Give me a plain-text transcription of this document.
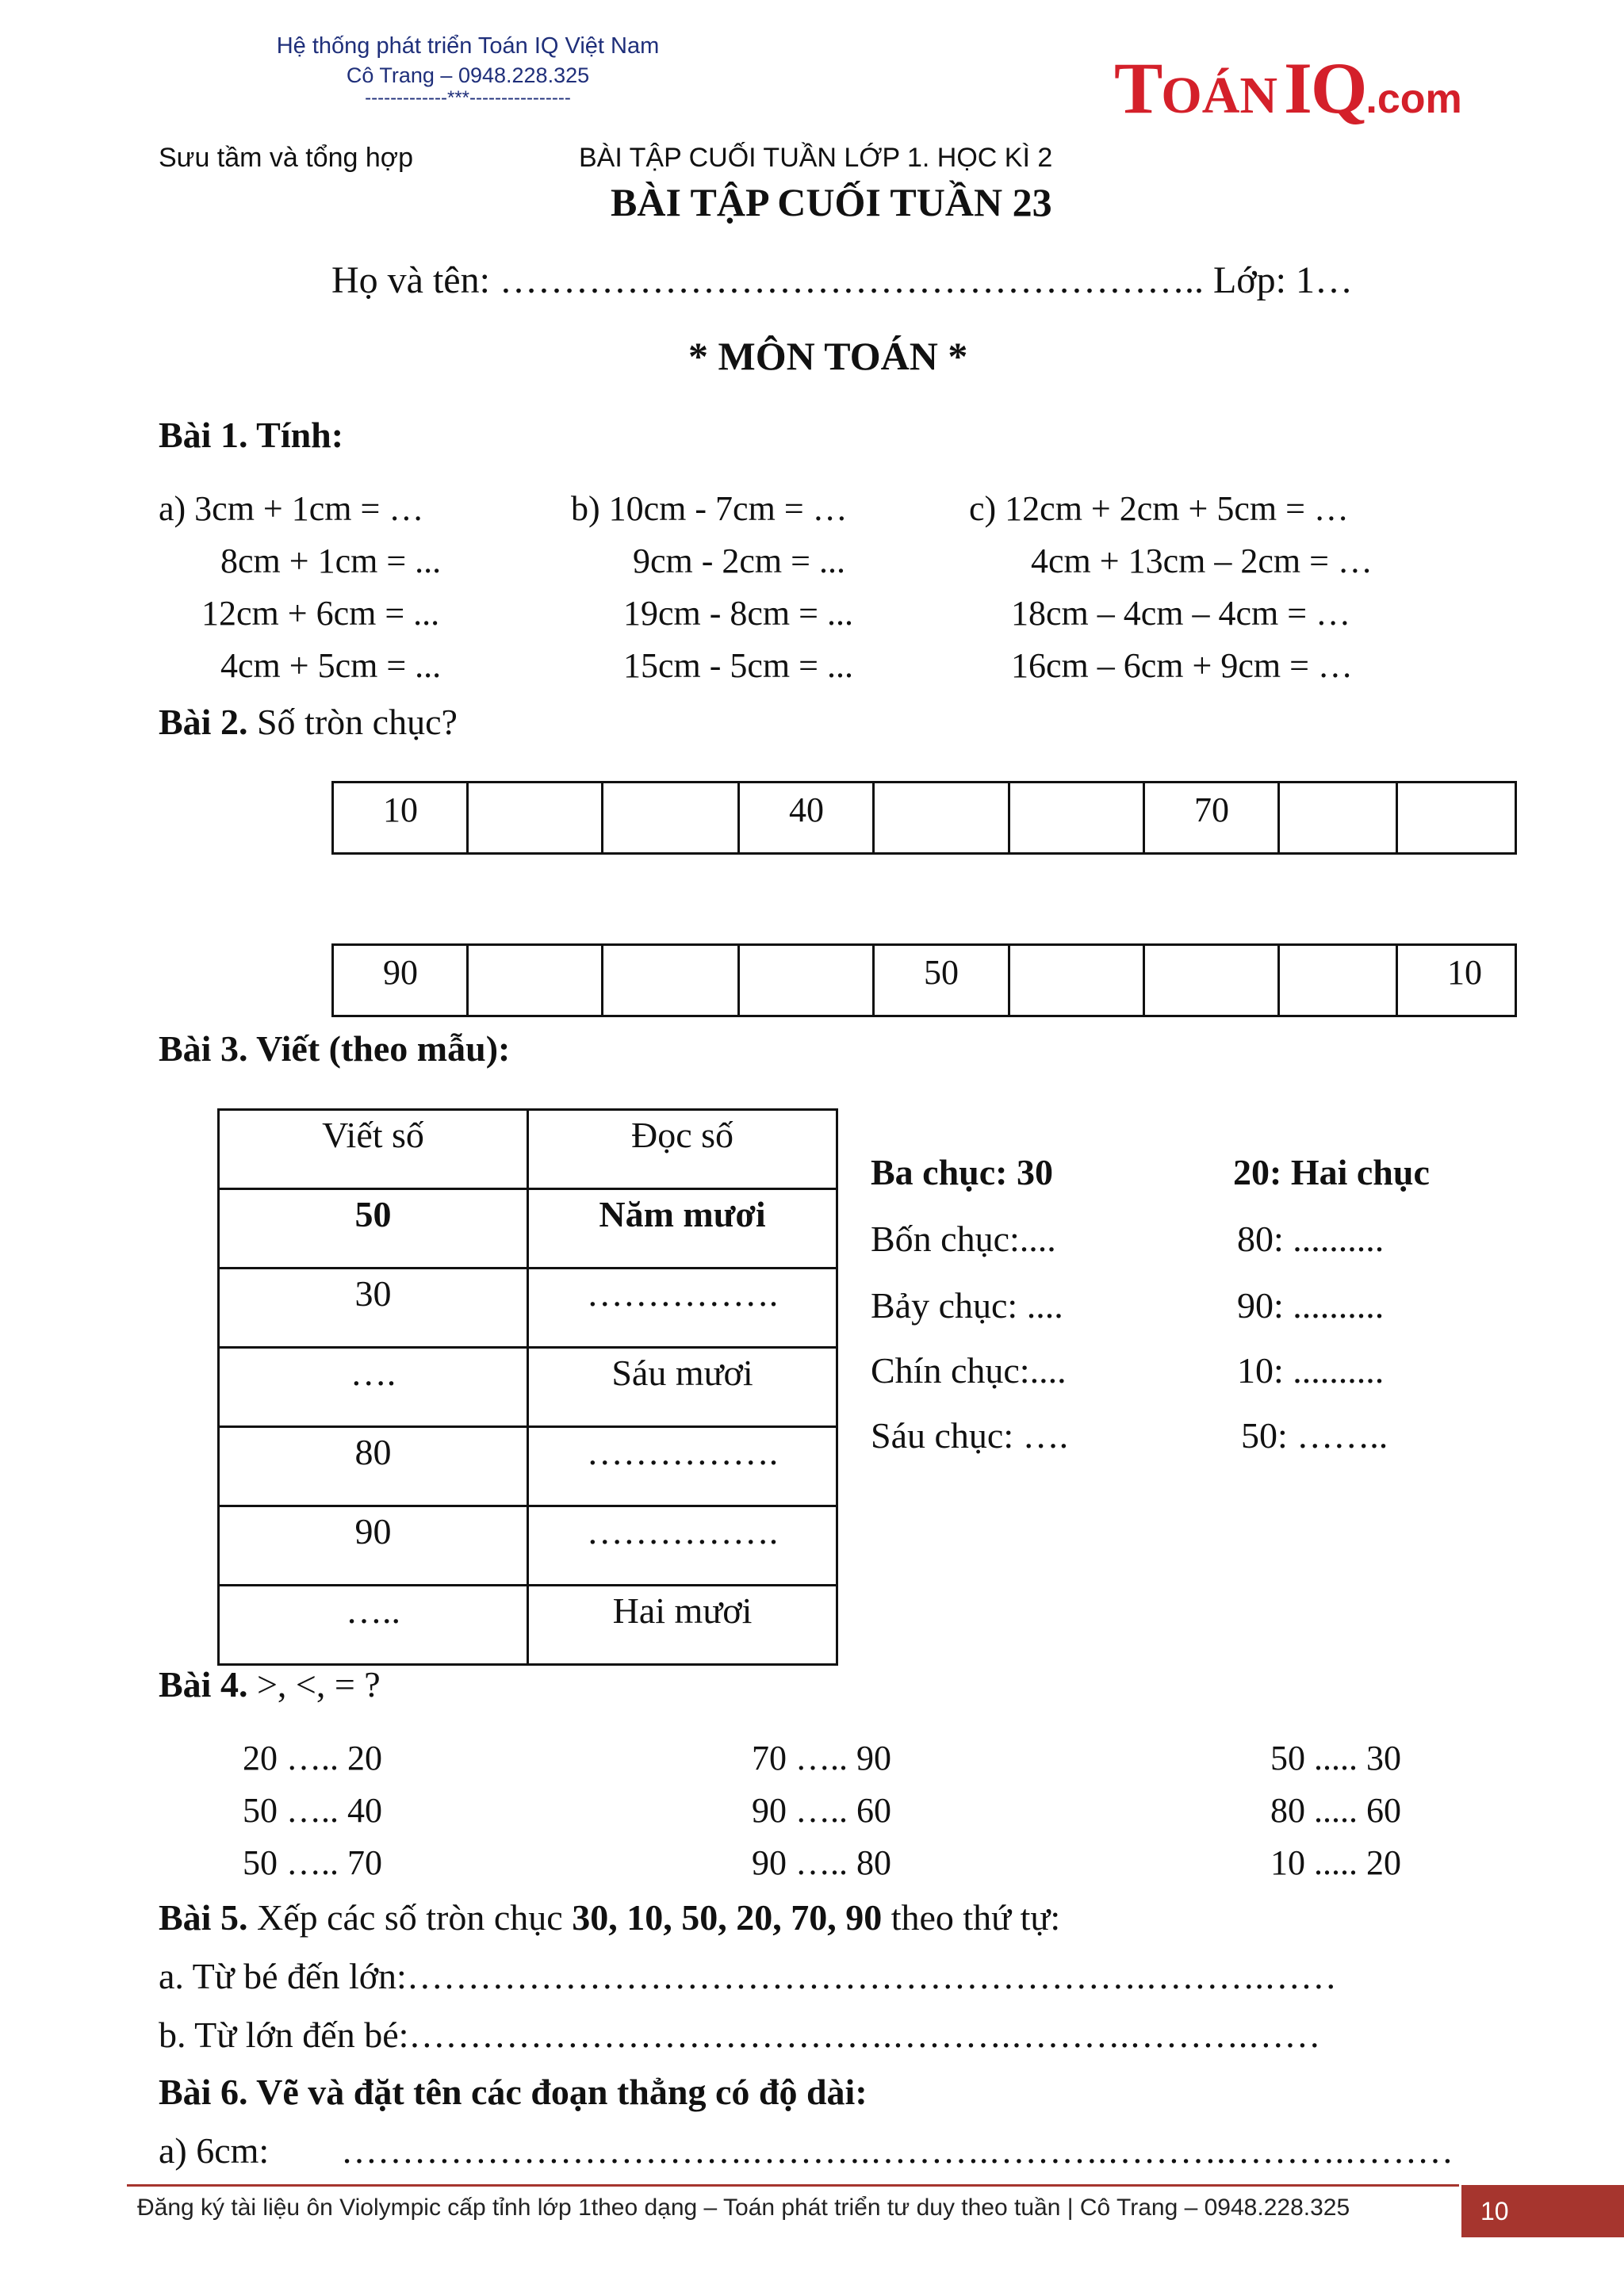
Hệ thống phát triển Toán IQ Việt Nam
Cô Trang – 0948.228.325
-------------***----------------	TOÁNIQ.com
Sưu tầm và tổng hợp	BÀI TẬP CUỐI TUẦN LỚP 1. HỌC KÌ 2
BÀI TẬP CUỐI TUẦN 23
Họ và tên: ……………………………………………….. Lớp: 1…
* MÔN TOÁN *
Bài 1. Tính:
a) 3cm + 1cm = …
8cm + 1cm = ...
12cm + 6cm = ...
4cm + 5cm = ...
b) 10cm - 7cm = …
9cm - 2cm = ...
19cm - 8cm = ...
15cm - 5cm = ...
c) 12cm + 2cm + 5cm = …
4cm + 13cm – 2cm = …
18cm – 4cm – 4cm = …
16cm – 6cm + 9cm = …
Bài 2. Số tròn chục?
10			40			70		
90				50				10
Bài 3. Viết (theo mẫu):
Viết số	Đọc số
50	Năm mươi
30	…………….
….	Sáu mươi
80	…………….
90	…………….
…..	Hai mươi
Ba chục: 30
Bốn chục:....
Bảy chục: ....
Chín chục:....
Sáu chục: ….
20: Hai chục
80: ..........
90: ..........
10: ..........
50: ……..
Bài 4. >, <, = ?
20 ….. 20
50 ….. 40
50 ….. 70
70 ….. 90
90 ….. 60
90 ….. 80
50 ..... 30
80 ..... 60
10 ..... 20
Bài 5. Xếp các số tròn chục 30, 10, 50, 20, 70, 90 theo thứ tự:
a. Từ bé đến lớn:…………………………………………………….……….……
b. Từ lớn đến bé:………………………………….……….……….……….……
Bài 6. Vẽ và đặt tên các đoạn thẳng có độ dài:
a) 6cm: …………………………….……….……….……….……….……….………
Đăng ký tài liệu ôn Violympic cấp tỉnh lớp 1theo dạng – Toán phát triển tư duy theo tuần | Cô Trang – 0948.228.325	10
